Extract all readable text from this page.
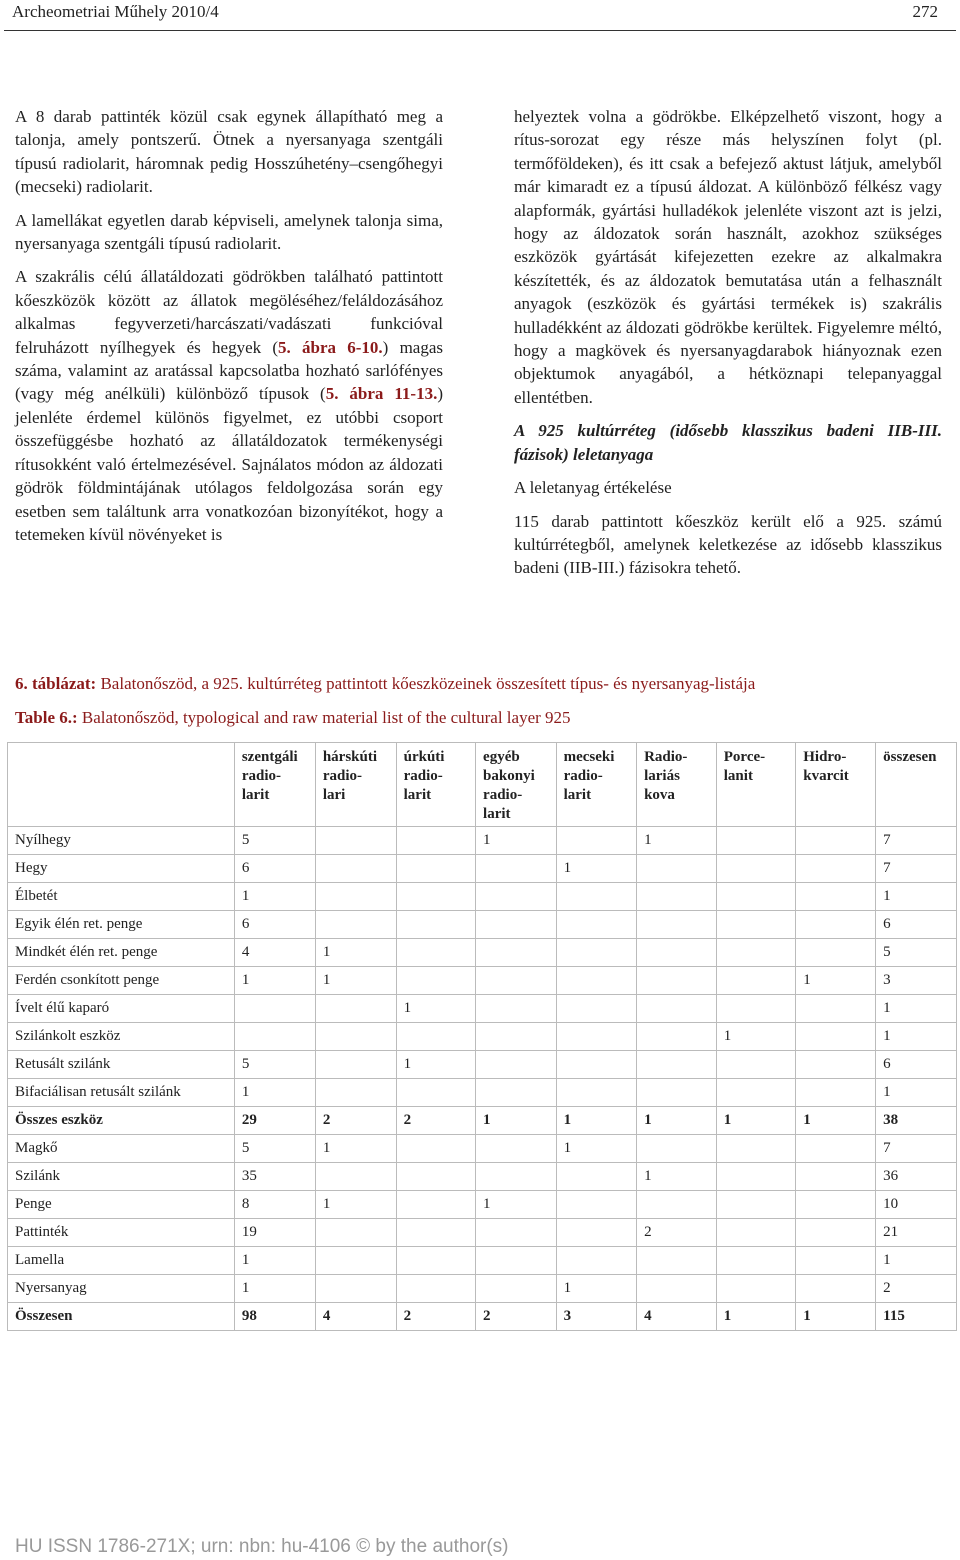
Archeometriai Műhely 2010/4	272

A 8 darab pattinték közül csak egynek állapítható meg a talonja, amely pontszerű. Ötnek a nyersanyaga szentgáli típusú radiolarit, háromnak pedig Hosszúhetény–csengőhegyi (mecseki) radiolarit.

A lamellákat egyetlen darab képviseli, amelynek talonja sima, nyersanyaga szentgáli típusú radiolarit.

A szakrális célú állatáldozati gödrökben található pattintott kőeszközök között az állatok megöléséhez/feláldozásához alkalmas fegyverzeti/harcászati/vadászati funkcióval felruházott nyílhegyek és hegyek (5. ábra 6-10.) magas száma, valamint az aratással kapcsolatba hozható sarlófényes (vagy még anélküli) különböző típusok (5. ábra 11-13.) jelenléte érdemel különös figyelmet, ez utóbbi csoport összefüggésbe hozható az állatáldozatok termékenységi rítusokként való értelmezésével. Sajnálatos módon az áldozati gödrök földmintájának utólagos feldolgozása során egy esetben sem találtunk arra vonatkozóan bizonyítékot, hogy a tetemeken kívül növényeket is

helyeztek volna a gödrökbe. Elképzelhető viszont, hogy a rítus-sorozat egy része más helyszínen folyt (pl. termőföldeken), és itt csak a befejező aktust látjuk, amelyből már kimaradt ez a típusú áldozat. A különböző félkész vagy alapformák, gyártási hulladékok jelenléte viszont azt is jelzi, hogy az áldozatok során használt, azokhoz szükséges eszközök gyártását kifejezetten ezekre az alkalmakra készítették, és az áldozatok bemutatása után a felhasznált anyagok (eszközök és gyártási termékek is) szakrális hulladékként az áldozati gödrökbe kerültek. Figyelemre méltó, hogy a magkövek és nyersanyagdarabok hiányoznak ezen objektumok anyagából, a hétköznapi telepanyaggal ellentétben.

A 925 kultúrréteg (idősebb klasszikus badeni IIB-III. fázisok) leletanyaga

A leletanyag értékelése

115 darab pattintott kőeszköz került elő a 925. számú kultúrrétegből, amelynek keletkezése az idősebb klasszikus badeni (IIB-III.) fázisokra tehető.

6. táblázat: Balatonőszöd, a 925. kultúrréteg pattintott kőeszközeinek összesített típus- és nyersanyag-listája
Table 6.: Balatonőszöd, typological and raw material list of the cultural layer 925

	szentgáli
radio-
larit	hárskúti
radio-
lari	úrkúti
radio-
larit	egyéb
bakonyi
radio-
larit	mecseki
radio-
larit	Radio-
lariás
kova	Porce-
lanit	Hidro-
kvarcit	összesen
Nyílhegy	5			1		1			7
Hegy	6				1				7
Élbetét	1								1
Egyik élén ret. penge	6								6
Mindkét élén ret. penge	4	1							5
Ferdén csonkított penge	1	1						1	3
Ívelt élű kaparó			1						1
Szilánkolt eszköz							1		1
Retusált szilánk	5		1						6
Bifaciálisan retusált szilánk	1								1
Összes eszköz	29	2	2	1	1	1	1	1	38
Magkő	5	1			1				7
Szilánk	35					1			36
Penge	8	1		1					10
Pattinték	19					2			21
Lamella	1								1
Nyersanyag	1				1				2
Összesen	98	4	2	2	3	4	1	1	115
HU ISSN 1786-271X; urn: nbn: hu-4106 © by the author(s)
